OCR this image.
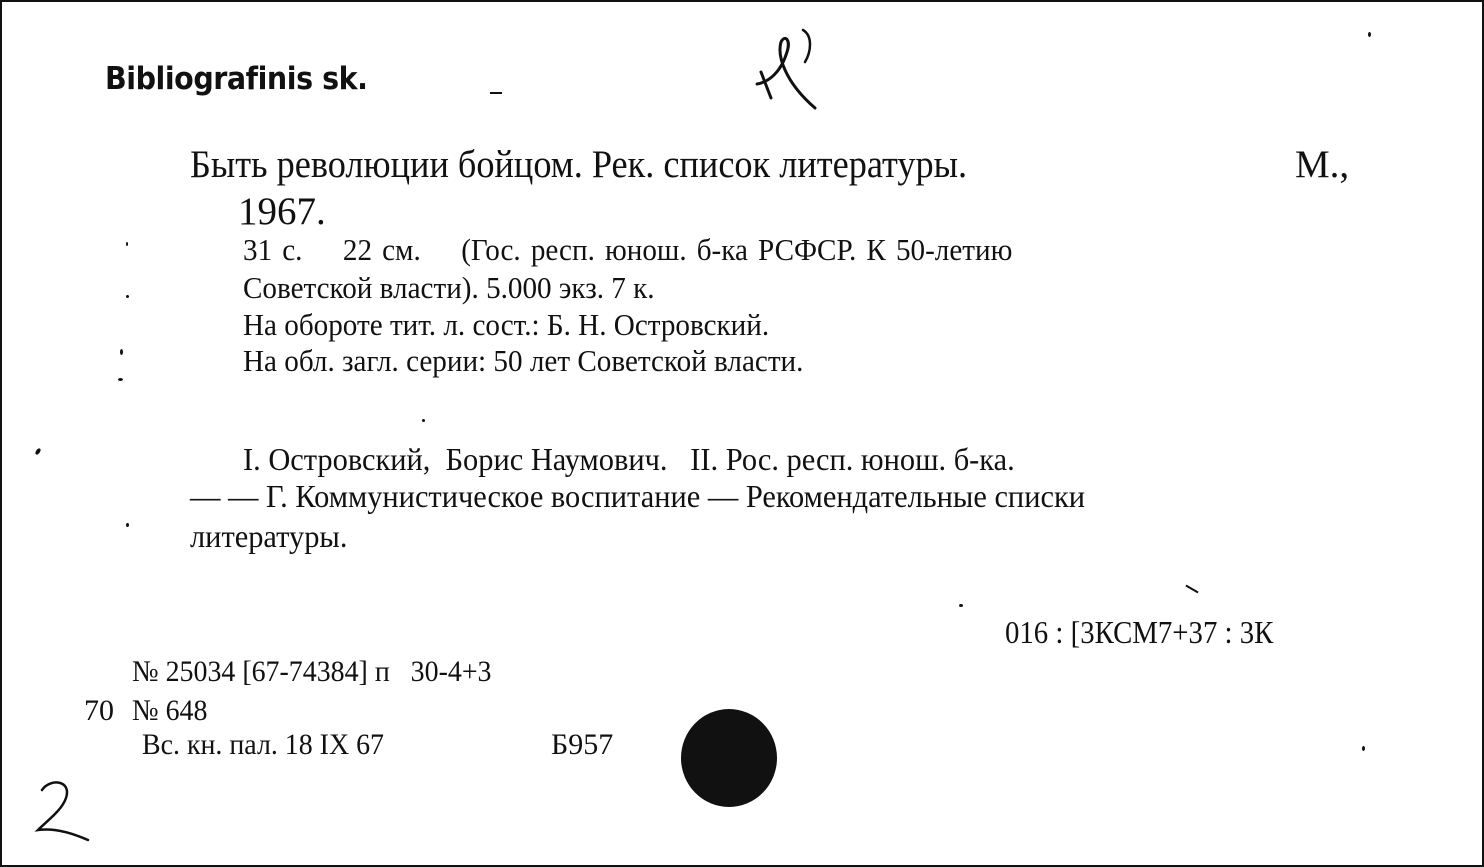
Bibliografinis sk.
Быть революции бойцом. Рек. список литературы.	М.,
1967.
31 с.    22 см.    (Гос. респ. юнош. б-ка РСФСР. К 50-летию
Советской власти). 5.000 экз. 7 к.
На обороте тит. л. сост.: Б. Н. Островский.
На обл. загл. серии: 50 лет Советской власти.
I. Островский,  Борис Наумович.   II. Рос. респ. юнош. б-ка.
— — Г. Коммунистическое воспитание — Рекомендательные списки
литературы.
016 : [3КСМ7+37 : 3К
№ 25034 [67-74384] п   30-4+3
70 № 648
Вс. кн. пал. 18 IX 67	Б957
